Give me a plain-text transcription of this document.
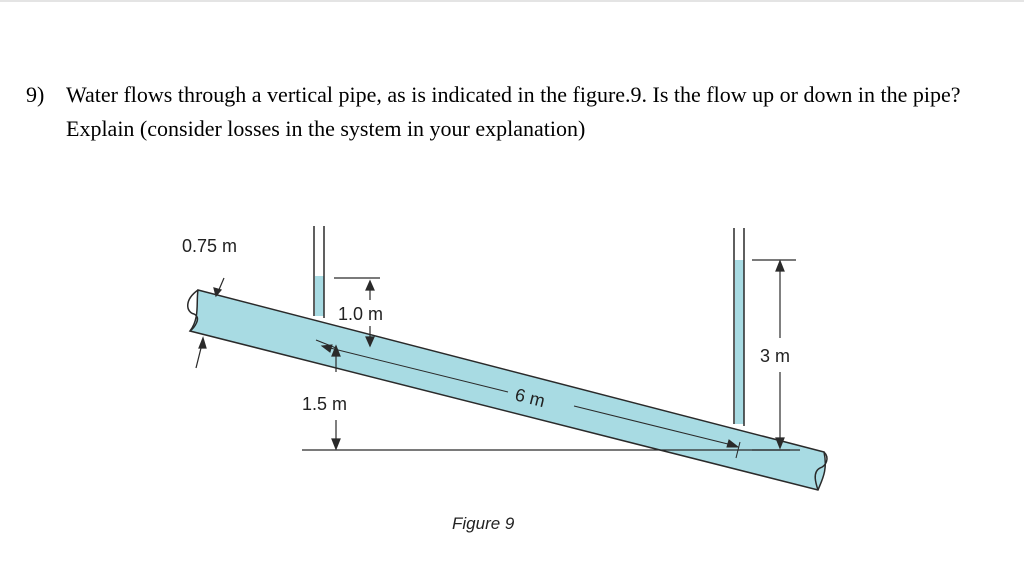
9) Water flows through a vertical pipe, as is indicated in the figure.9. Is the flow up or down in the pipe? Explain (consider losses in the system in your explanation)
0.75 m
1.0 m
1.5 m	6 m
3 m
Figure 9
